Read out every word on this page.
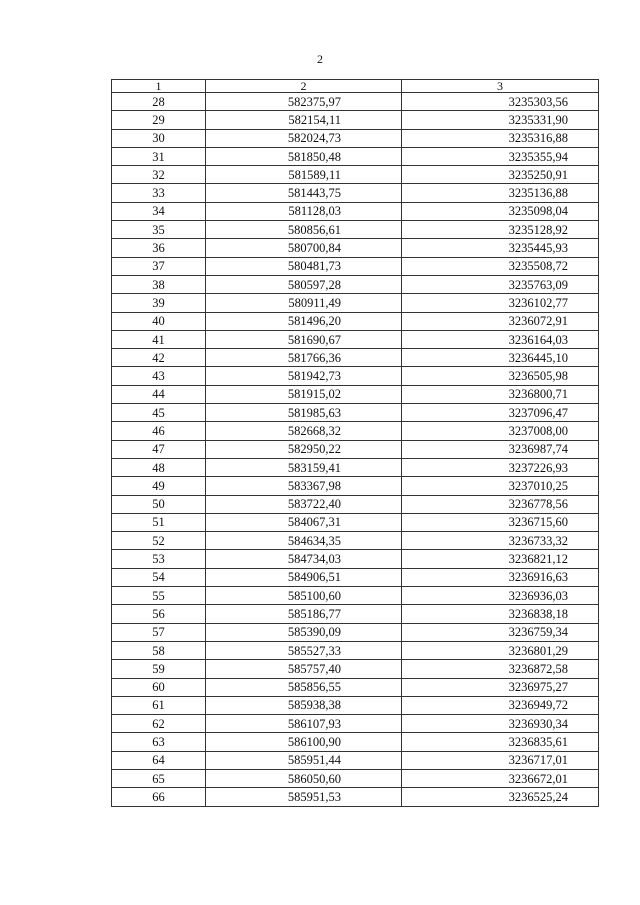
2
1	2	3
28	582375,97	3235303,56
29	582154,11	3235331,90
30	582024,73	3235316,88
31	581850,48	3235355,94
32	581589,11	3235250,91
33	581443,75	3235136,88
34	581128,03	3235098,04
35	580856,61	3235128,92
36	580700,84	3235445,93
37	580481,73	3235508,72
38	580597,28	3235763,09
39	580911,49	3236102,77
40	581496,20	3236072,91
41	581690,67	3236164,03
42	581766,36	3236445,10
43	581942,73	3236505,98
44	581915,02	3236800,71
45	581985,63	3237096,47
46	582668,32	3237008,00
47	582950,22	3236987,74
48	583159,41	3237226,93
49	583367,98	3237010,25
50	583722,40	3236778,56
51	584067,31	3236715,60
52	584634,35	3236733,32
53	584734,03	3236821,12
54	584906,51	3236916,63
55	585100,60	3236936,03
56	585186,77	3236838,18
57	585390,09	3236759,34
58	585527,33	3236801,29
59	585757,40	3236872,58
60	585856,55	3236975,27
61	585938,38	3236949,72
62	586107,93	3236930,34
63	586100,90	3236835,61
64	585951,44	3236717,01
65	586050,60	3236672,01
66	585951,53	3236525,24
